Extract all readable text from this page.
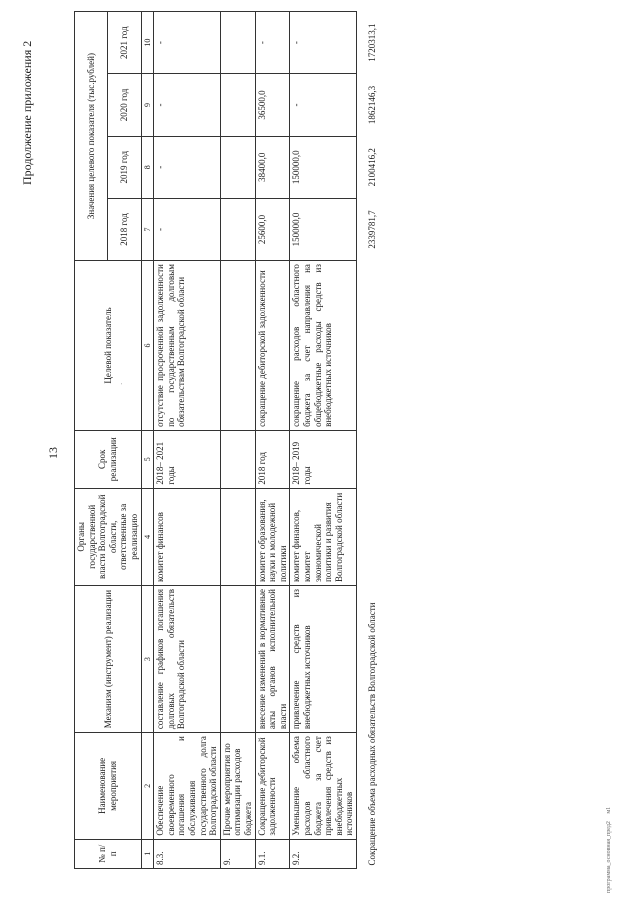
Продолжение приложения 2
13
·
№ п/п	Наименование мероприятия	Механизм (инструмент) реализации	Органы государственной власти Волгоградской области, ответственные за реализацию	Срок реализации	Целевой показатель	Значения целевого показателя (тыс.рублей)			
						2018 год	2019 год	2020 год	2021 год
1	2	3	4	5	6	7	8	9	10
8.3.	Обеспечение своевременного погашения и обслуживания государственного долга Волгоградской области	составление графиков погашения долговых обязательств Волгоградской области	комитет финансов	2018– 2021 годы	отсутствие просроченной задолженности по государственным долговым обязательствам Волгоградской области	-	-	-	-
9.	Прочие мероприятия по оптимизации расходов бюджета								
9.1.	Сокращение дебиторской задолженности	внесение изменений в нормативные акты органов исполнительной власти	комитет образования, науки и молодежной политики	2018 год	сокращение дебиторской задолженности	25600,0	38400,0	36500,0	-
9.2.	Уменьшение объема расходов областного бюджета за счет привлечения средств из внебюджетных источников	привлечение средств из внебюджетных источников	комитет финансов, комитет экономической политики и развития Волгоградской области	2018– 2019 годы	сокращение расходов областного бюджета за счет направления на общебюджетные расходы средств из внебюджетных источников	150000,0	150000,0	-	-
Сокращение объема расходных обязательств Волгоградской области						2339781,7	2100416,2	1862146,3	1720313,1
программа_основная_пред2     м1
